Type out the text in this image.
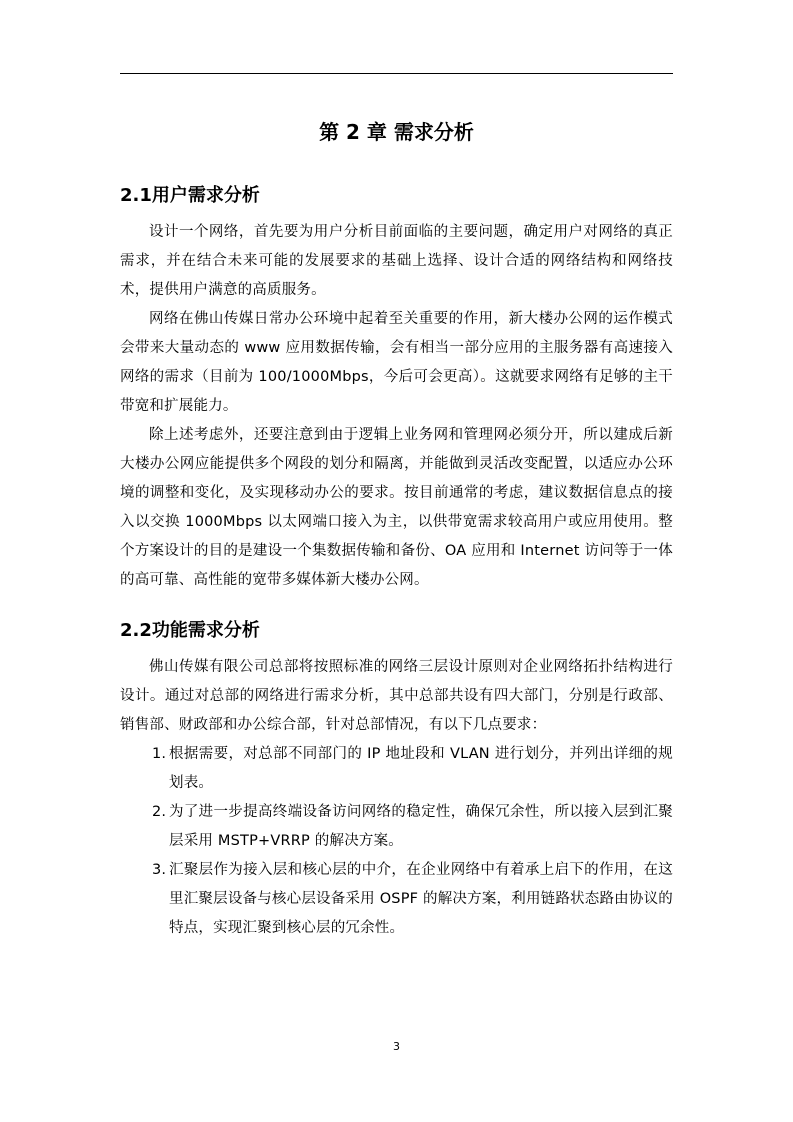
第 2 章 需求分析
2.1用户需求分析

设计一个网络，首先要为用户分析目前面临的主要问题，确定用户对网络的真正需求，并在结合未来可能的发展要求的基础上选择、设计合适的网络结构和网络技术，提供用户满意的高质服务。

网络在佛山传媒日常办公环境中起着至关重要的作用，新大楼办公网的运作模式会带来大量动态的 www 应用数据传输，会有相当一部分应用的主服务器有高速接入网络的需求（目前为 100/1000Mbps，今后可会更高）。这就要求网络有足够的主干带宽和扩展能力。

除上述考虑外，还要注意到由于逻辑上业务网和管理网必须分开，所以建成后新大楼办公网应能提供多个网段的划分和隔离，并能做到灵活改变配置，以适应办公环境的调整和变化，及实现移动办公的要求。按目前通常的考虑，建议数据信息点的接入以交换 1000Mbps 以太网端口接入为主，以供带宽需求较高用户或应用使用。整个方案设计的目的是建设一个集数据传输和备份、OA 应用和 Internet 访问等于一体的高可靠、高性能的宽带多媒体新大楼办公网。

2.2功能需求分析

佛山传媒有限公司总部将按照标准的网络三层设计原则对企业网络拓扑结构进行设计。通过对总部的网络进行需求分析，其中总部共设有四大部门，分别是行政部、销售部、财政部和办公综合部，针对总部情况，有以下几点要求：

1. 根据需要，对总部不同部门的 IP 地址段和 VLAN 进行划分，并列出详细的规划表。
2. 为了进一步提高终端设备访问网络的稳定性，确保冗余性，所以接入层到汇聚层采用 MSTP+VRRP 的解决方案。
3. 汇聚层作为接入层和核心层的中介，在企业网络中有着承上启下的作用，在这里汇聚层设备与核心层设备采用 OSPF 的解决方案，利用链路状态路由协议的特点，实现汇聚到核心层的冗余性。
3
